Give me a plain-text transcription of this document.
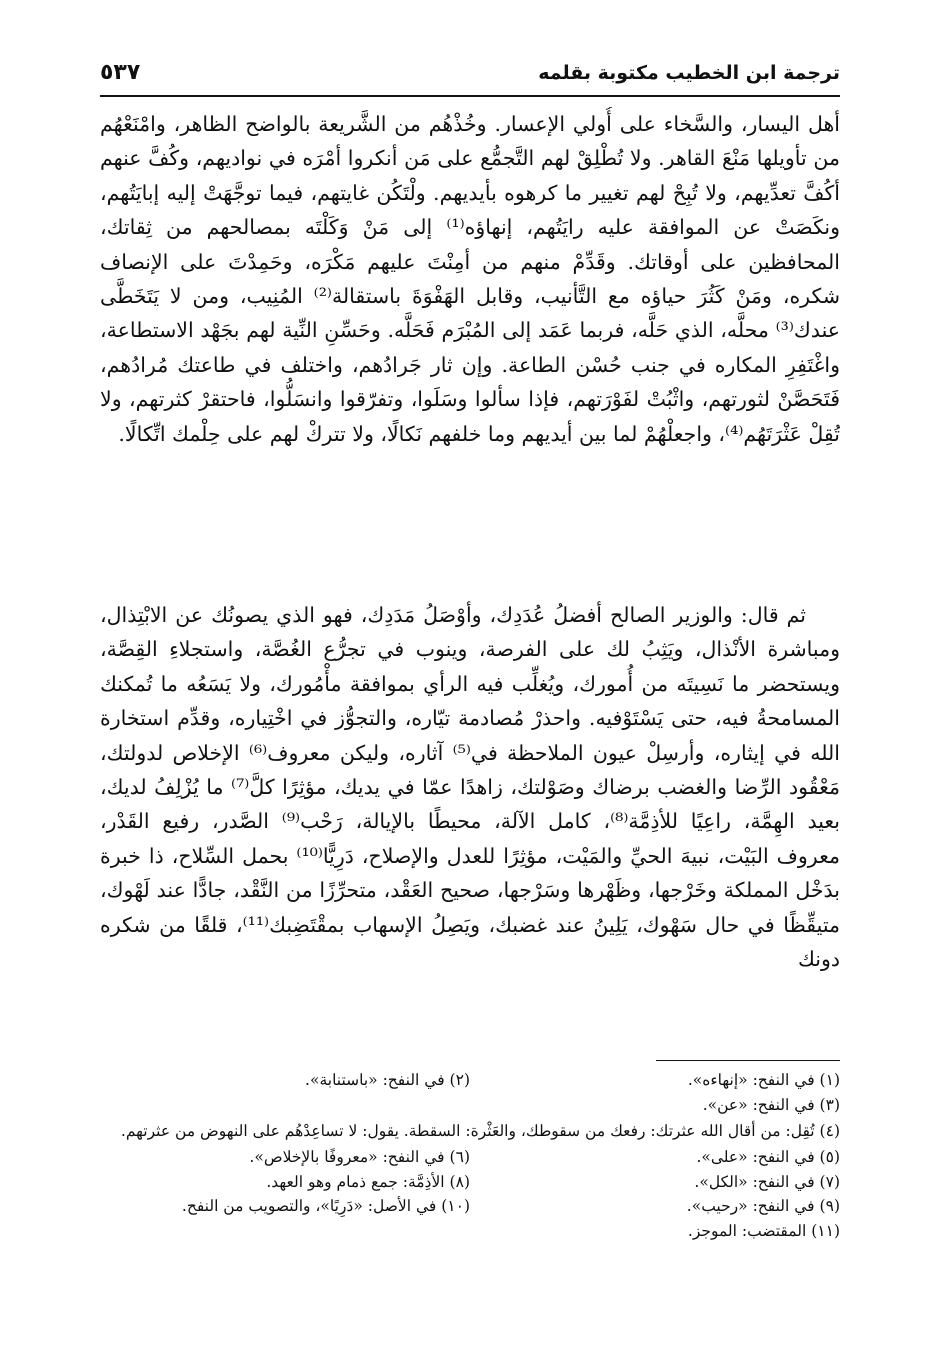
ترجمة ابن الخطيب مكتوبة بقلمه
٥٣٧
أهل اليسار، والسَّخاء على أُولي الإعسار. وخُذْهُم من الشَّريعة بالواضح الظاهر، وامْنَعْهُم من تأويلها مَنْعَ القاهر. ولا تُطْلِقْ لهم التَّجمُّع على مَن أنكروا أمْرَه في نواديهم، وكُفَّ عنهم أكُفَّ تعدِّيهم، ولا تُبِحْ لهم تغيير ما كرهوه بأيديهم. ولْتَكُن غايتهم، فيما توجَّهَتْ إليه إبايَتُهم، ونكَصَتْ عن الموافقة عليه رايَتُهم، إنهاؤه⁽¹⁾ إلى مَنْ وَكَلْتَه بمصالحهم من ثِقاتك، المحافظين على أوقاتك. وقَدِّمْ منهم من أمِنْتَ عليهم مَكْرَه، وحَمِدْتَ على الإنصاف شكره، ومَنْ كَثُرَ حياؤه مع التَّأنيب، وقابل الهَفْوَةَ باستقالة⁽²⁾ المُنِيب، ومن لا يَتَخَطَّى عندك⁽³⁾ محلَّه، الذي حَلَّه، فربما عَمَد إلى المُبْرَم فَحَلَّه. وحَسِّنِ النِّية لهم بجَهْد الاستطاعة، واغْتَفِرِ المكاره في جنب حُسْن الطاعة. وإن ثار جَرادُهم، واختلف في طاعتك مُرادُهم، فَتَحَصَّنْ لثورتهم، واثْبُتْ لفَوْرَتهم، فإذا سألوا وسَلَوا، وتفرّقوا وانسَلُّوا، فاحتقرْ كثرتهم، ولا تُقِلْ عَثْرَتَهُم⁽⁴⁾، واجعلْهُمْ لما بين أيديهم وما خلفهم نَكالًا، ولا تتركْ لهم على حِلْمك اتِّكالًا.
ثم قال: والوزير الصالح أفضلُ عُدَدِك، وأوْصَلُ مَدَدِك، فهو الذي يصونُك عن الابْتِذال، ومباشرة الأنْذال، ويَثِبُ لك على الفرصة، وينوب في تجرُّع الغُصَّة، واستجلاءِ القِصَّة، ويستحضر ما نَسِيتَه من أُمورك، ويُغلِّب فيه الرأي بموافقة مأْمُورك، ولا يَسَعُه ما تُمكنك المسامحةُ فيه، حتى يَسْتَوْفيه. واحذرْ مُصادمة تيّاره، والتجوُّز في اخْتِياره، وقدِّم استخارة الله في إيثاره، وأرسِلْ عيون الملاحظة في⁽⁵⁾ آثاره، وليكن معروف⁽⁶⁾ الإخلاص لدولتك، مَعْقُود الرِّضا والغضب برضاك وصَوْلتك، زاهدًا عمّا في يديك، مؤثِرًا كلَّ⁽⁷⁾ ما يُزْلِفُ لديك، بعيد الهِمَّة، راعِيًا للأذِمَّة⁽⁸⁾، كامل الآلة، محيطًا بالإيالة، رَحْب⁽⁹⁾ الصَّدر، رفيع القَدْر، معروف البَيْت، نبيهَ الحيِّ والمَيْت، مؤثِرًا للعدل والإصلاح، دَرِيًّا⁽¹⁰⁾ بحمل السِّلاح، ذا خبرة بدَخْل المملكة وخَرْجها، وظَهْرها وسَرْجها، صحيح العَقْد، متحرِّزًا من النَّقْد، جادًّا عند لَهْوك، متيقِّظًا في حال سَهْوك، يَلِينُ عند غضبك، ويَصِلُ الإسهاب بمقْتَضِبك⁽¹¹⁾، قلقًا من شكره دونك
(١) في النفح: «إنهاءه».
(٢) في النفح: «باستنابة».
(٣) في النفح: «عن».
(٤) تُقِل: من أقال الله عثرتك: رفعك من سقوطك، والعَثْرة: السقطة. يقول: لا تساعِدْهُم على النهوض من عثرتهم.
(٥) في النفح: «على».
(٦) في النفح: «معروفًا بالإخلاص».
(٧) في النفح: «الكل».
(٨) الأذِمَّة: جمع ذمام وهو العهد.
(٩) في النفح: «رحيب».
(١٠) في الأصل: «دَرِيًا»، والتصويب من النفح.
(١١) المقتضب: الموجز.
